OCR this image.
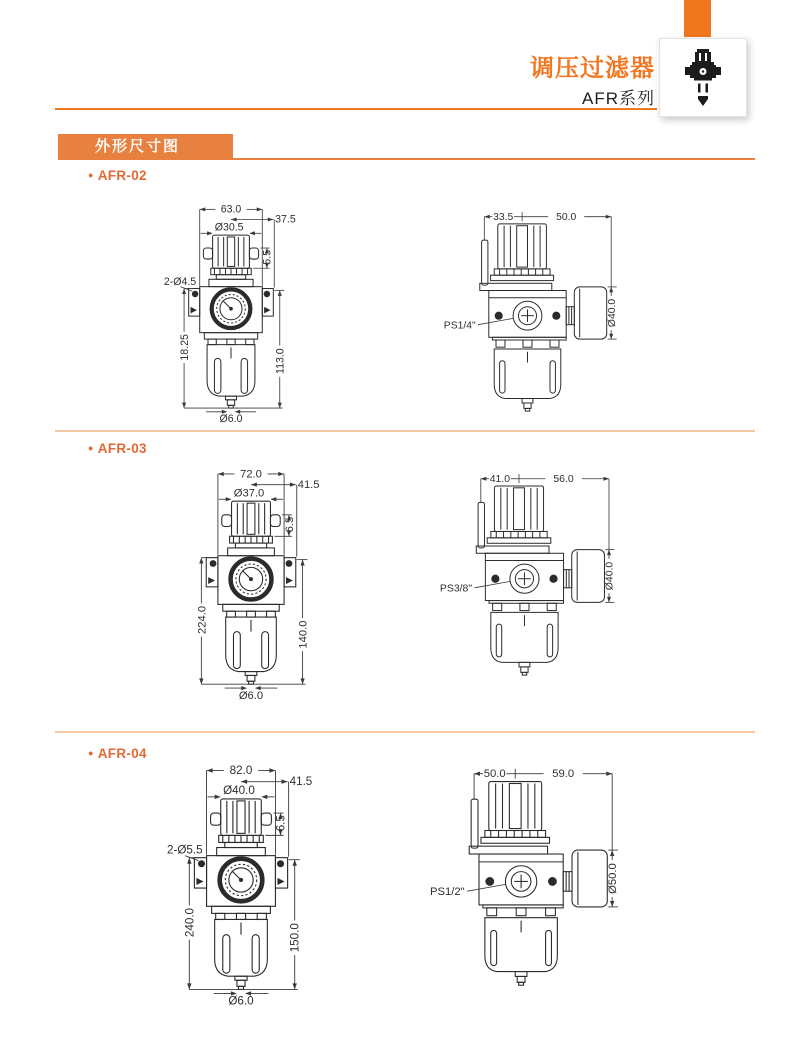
调压过滤器
AFR系列
外形尺寸图
● AFR-02
● AFR-03
● AFR-04
63.0
37.5
Ø30.5
5.5
2-Ø4.5
18.25
113.0
Ø6.0
33.5	50.0
Ø40.0
PS1/4"
72.0
41.5
Ø37.0
6.5
224.0
140.0
Ø6.0
41.0	56.0
Ø40.0
PS3/8"
82.0
41.5
Ø40.0
6.5
2-Ø5.5
240.0
150.0
Ø6.0
50.0	59.0
Ø50.0
PS1/2"
